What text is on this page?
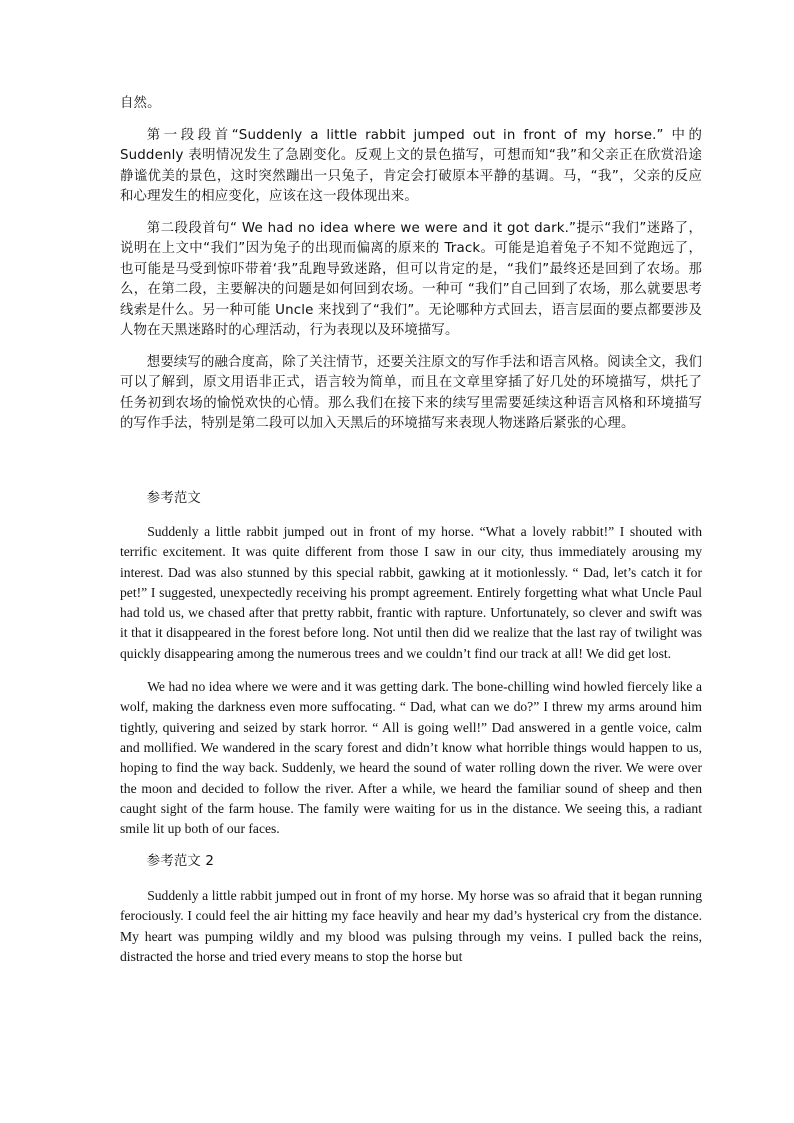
自然。

第一段段首“Suddenly a little rabbit jumped out in front of my horse.” 中的 Suddenly 表明情况发生了急剧变化。反观上文的景色描写，可想而知“我”和父亲正在欣赏沿途静谧优美的景色，这时突然蹦出一只兔子，肯定会打破原本平静的基调。马，“我”，父亲的反应和心理发生的相应变化，应该在这一段体现出来。

第二段段首句“ We had no idea where we were and it got dark.”提示“我们”迷路了，说明在上文中“我们”因为兔子的出现而偏离的原来的 Track。可能是追着兔子不知不觉跑远了，也可能是马受到惊吓带着‘我”乱跑导致迷路，但可以肯定的是，“我们”最终还是回到了农场。那么，在第二段，主要解决的问题是如何回到农场。一种可 “我们”自己回到了农场，那么就要思考线索是什么。另一种可能 Uncle 来找到了“我们”。无论哪种方式回去，语言层面的要点都要涉及人物在天黑迷路时的心理活动，行为表现以及环境描写。

想要续写的融合度高，除了关注情节，还要关注原文的写作手法和语言风格。阅读全文，我们可以了解到，原文用语非正式，语言较为简单，而且在文章里穿插了好几处的环境描写，烘托了任务初到农场的愉悦欢快的心情。那么我们在接下来的续写里需要延续这种语言风格和环境描写的写作手法，特别是第二段可以加入天黑后的环境描写来表现人物迷路后紧张的心理。

参考范文

Suddenly a little rabbit jumped out in front of my horse. “What a lovely rabbit!” I shouted with terrific excitement. It was quite different from those I saw in our city, thus immediately arousing my interest. Dad was also stunned by this special rabbit, gawking at it motionlessly. “ Dad, let’s catch it for pet!” I suggested, unexpectedly receiving his prompt agreement. Entirely forgetting what what Uncle Paul had told us, we chased after that pretty rabbit, frantic with rapture. Unfortunately, so clever and swift was it that it disappeared in the forest before long. Not until then did we realize that the last ray of twilight was quickly disappearing among the numerous trees and we couldn’t find our track at all! We did get lost.

We had no idea where we were and it was getting dark. The bone-chilling wind howled fiercely like a wolf, making the darkness even more suffocating. “ Dad, what can we do?” I threw my arms around him tightly, quivering and seized by stark horror. “ All is going well!” Dad answered in a gentle voice, calm and mollified. We wandered in the scary forest and didn’t know what horrible things would happen to us, hoping to find the way back. Suddenly, we heard the sound of water rolling down the river. We were over the moon and decided to follow the river. After a while, we heard the familiar sound of sheep and then caught sight of the farm house. The family were waiting for us in the distance. We seeing this, a radiant smile lit up both of our faces.

参考范文 2

Suddenly a little rabbit jumped out in front of my horse. My horse was so afraid that it began running ferociously. I could feel the air hitting my face heavily and hear my dad’s hysterical cry from the distance. My heart was pumping wildly and my blood was pulsing through my veins. I pulled back the reins, distracted the horse and tried every means to stop the horse but
